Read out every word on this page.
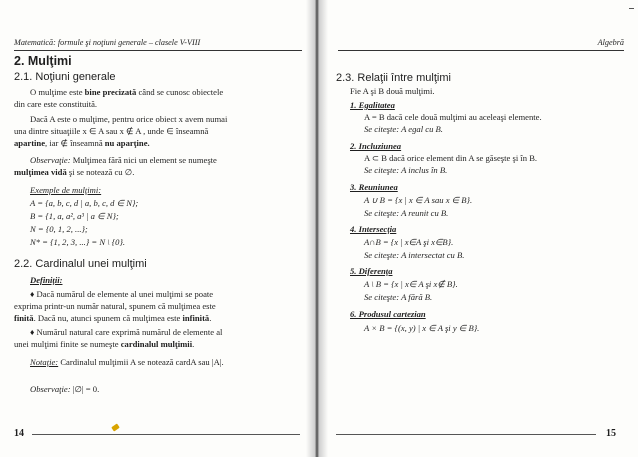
Matematică: formule şi noţiuni generale – clasele V-VIII
2. Mulţimi
2.1. Noţiuni generale
O mulţime este bine precizată când se cunosc obiectele
din care este constituită.
Dacă A este o mulţime, pentru orice obiect x avem numai
una dintre situaţiile x ∈ A sau x ∉ A , unde ∈ înseamnă
apartine, iar ∉ înseamnă nu aparţine.
Observaţie: Mulţimea fără nici un element se numeşte
mulţimea vidă şi se notează cu ∅.
Exemple de mulţimi:
A = {a, b, c, d | a, b, c, d ∈ N};
B = {1, a, a², a³ | a ∈ N};
N = {0, 1, 2, ...};
N* = {1, 2, 3, ...} = N \ {0}.
2.2. Cardinalul unei mulţimi
Definiţii:
♦ Dacă numărul de elemente al unei mulţimi se poate
exprima printr-un număr natural, spunem că mulţimea este
finită. Dacă nu, atunci spunem că mulţimea este infinită.
♦ Numărul natural care exprimă numărul de elemente al
unei mulţimi finite se numeşte cardinalul mulţimii.
Notaţie: Cardinalul mulţimii A se notează cardA sau |A|.
Observaţie: |∅| = 0.
14
Algebră
2.3. Relaţii între mulţimi
Fie A şi B două mulţimi.
1. Egalitatea
A = B dacă cele două mulţimi au aceleaşi elemente.
Se citeşte: A egal cu B.
2. Incluziunea
A ⊂ B dacă orice element din A se găseşte şi în B.
Se citeşte: A inclus în B.
3. Reuniunea
A ∪ B = {x | x ∈ A sau x ∈ B}.
Se citeşte: A reunit cu B.
4. Intersecţia
A∩B = {x | x∈A şi x∈B}.
Se citeşte: A intersectat cu B.
5. Diferenţa
A \ B = {x | x∈ A şi x∉ B}.
Se citeşte: A fără B.
6. Produsul cartezian
A × B = {(x, y) | x ∈ A şi y ∈ B}.
15
